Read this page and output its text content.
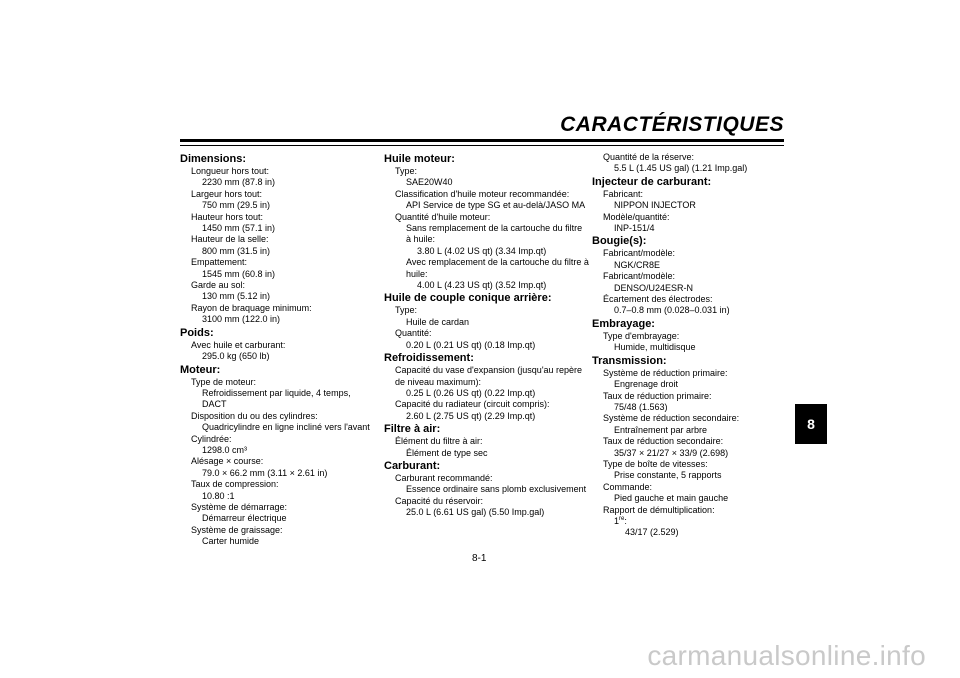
CARACTÉRISTIQUES
Dimensions:
Longueur hors tout:
2230 mm (87.8 in)
Largeur hors tout:
750 mm (29.5 in)
Hauteur hors tout:
1450 mm (57.1 in)
Hauteur de la selle:
800 mm (31.5 in)
Empattement:
1545 mm (60.8 in)
Garde au sol:
130 mm (5.12 in)
Rayon de braquage minimum:
3100 mm (122.0 in)
Poids:
Avec huile et carburant:
295.0 kg (650 lb)
Moteur:
Type de moteur:
Refroidissement par liquide, 4 temps, DACT
Disposition du ou des cylindres:
Quadricylindre en ligne incliné vers l'avant
Cylindrée:
1298.0 cm³
Alésage × course:
79.0 × 66.2 mm (3.11 × 2.61 in)
Taux de compression:
10.80 :1
Système de démarrage:
Démarreur électrique
Système de graissage:
Carter humide
Huile moteur:
Type:
SAE20W40
Classification d'huile moteur recommandée:
API Service de type SG et au-delà/JASO MA
Quantité d'huile moteur:
Sans remplacement de la cartouche du filtre à huile:
3.80 L (4.02 US qt) (3.34 Imp.qt)
Avec remplacement de la cartouche du filtre à huile:
4.00 L (4.23 US qt) (3.52 Imp.qt)
Huile de couple conique arrière:
Type:
Huile de cardan
Quantité:
0.20 L (0.21 US qt) (0.18 Imp.qt)
Refroidissement:
Capacité du vase d'expansion (jusqu'au repère de niveau maximum):
0.25 L (0.26 US qt) (0.22 Imp.qt)
Capacité du radiateur (circuit compris):
2.60 L (2.75 US qt) (2.29 Imp.qt)
Filtre à air:
Élément du filtre à air:
Élément de type sec
Carburant:
Carburant recommandé:
Essence ordinaire sans plomb exclusivement
Capacité du réservoir:
25.0 L (6.61 US gal) (5.50 Imp.gal)
Quantité de la réserve:
5.5 L (1.45 US gal) (1.21 Imp.gal)
Injecteur de carburant:
Fabricant:
NIPPON INJECTOR
Modèle/quantité:
INP-151/4
Bougie(s):
Fabricant/modèle:
NGK/CR8E
Fabricant/modèle:
DENSO/U24ESR-N
Écartement des électrodes:
0.7–0.8 mm (0.028–0.031 in)
Embrayage:
Type d'embrayage:
Humide, multidisque
Transmission:
Système de réduction primaire:
Engrenage droit
Taux de réduction primaire:
75/48 (1.563)
Système de réduction secondaire:
Entraînement par arbre
Taux de réduction secondaire:
35/37 × 21/27 × 33/9 (2.698)
Type de boîte de vitesses:
Prise constante, 5 rapports
Commande:
Pied gauche et main gauche
Rapport de démultiplication:
1re:
43/17 (2.529)
8
8-1
carmanualsonline.info
